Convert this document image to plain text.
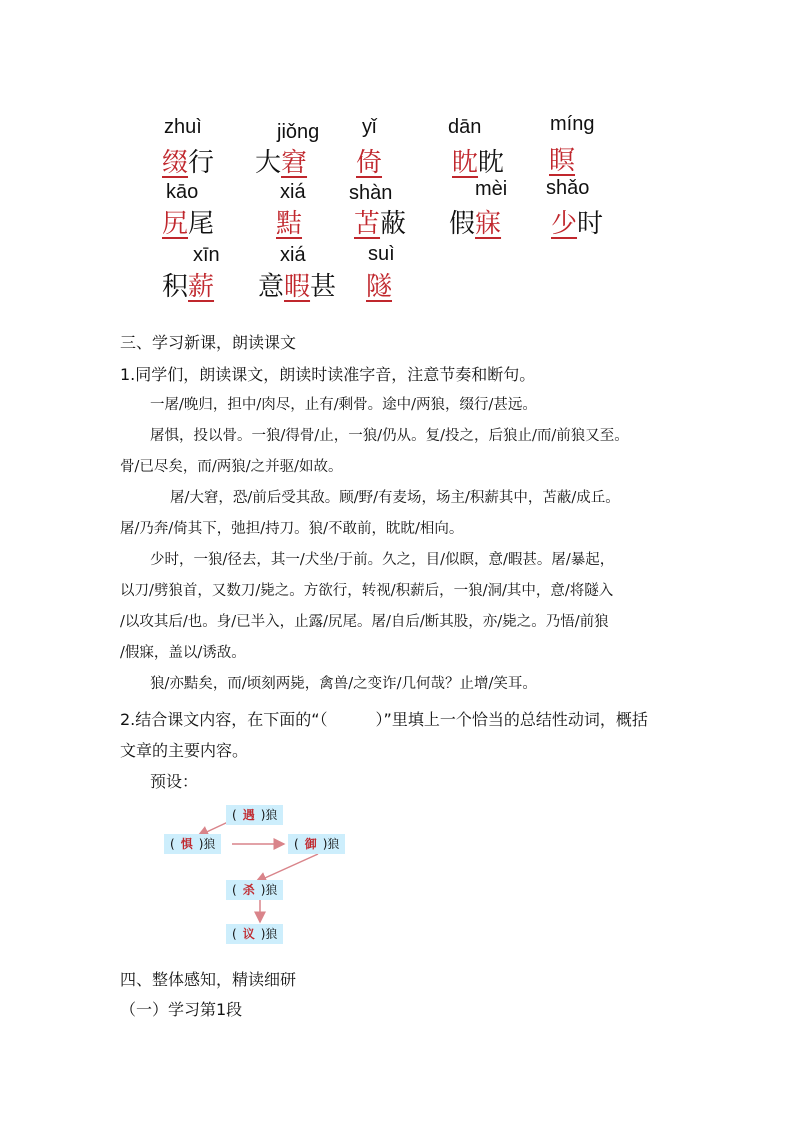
zhuì
缀行
jiǒng
大窘
yǐ
倚
dān
眈眈
míng
瞑
kāo
尻尾
xiá
黠
shàn
苫蔽
mèi
假寐
shǎo
少时
xīn
积薪
xiá
意暇甚
suì
隧
三、学习新课，朗读课文
1.同学们，朗读课文，朗读时读准字音，注意节奏和断句。
一屠/晚归，担中/肉尽，止有/剩骨。途中/两狼，缀行/甚远。
屠惧，投以骨。一狼/得骨/止，一狼/仍从。复/投之，后狼止/而/前狼又至。
骨/已尽矣，而/两狼/之并驱/如故。
屠/大窘，恐/前后受其敌。顾/野/有麦场，场主/积薪其中，苫蔽/成丘。
屠/乃奔/倚其下，弛担/持刀。狼/不敢前，眈眈/相向。
少时，一狼/径去，其一/犬坐/于前。久之，目/似瞑，意/暇甚。屠/暴起，
以刀/劈狼首，又数刀/毙之。方欲行，转视/积薪后，一狼/洞/其中，意/将隧入
/以攻其后/也。身/已半入，止露/尻尾。屠/自后/断其股，亦/毙之。乃悟/前狼
/假寐，盖以/诱敌。
狼/亦黠矣，而/顷刻两毙，禽兽/之变诈/几何哉？止增/笑耳。
2.结合课文内容，在下面的“（　　　）”里填上一个恰当的总结性动词，概括
文章的主要内容。
预设：
( 遇 )狼
( 惧 )狼	( 御 )狼
( 杀 )狼
( 议 )狼
四、整体感知，精读细研
（一）学习第1段
